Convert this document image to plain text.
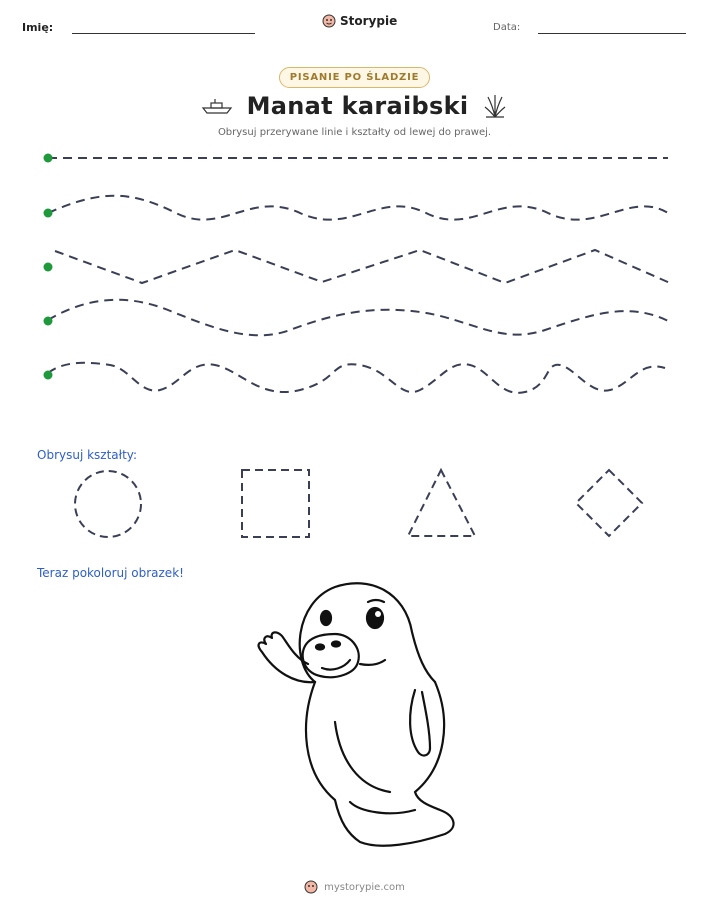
Imię:	Storypie	Data:
PISANIE PO ŚLADZIE
Manat karaibski
Obrysuj przerywane linie i kształty od lewej do prawej.
Obrysuj kształty:
Teraz pokoloruj obrazek!
mystorypie.com
